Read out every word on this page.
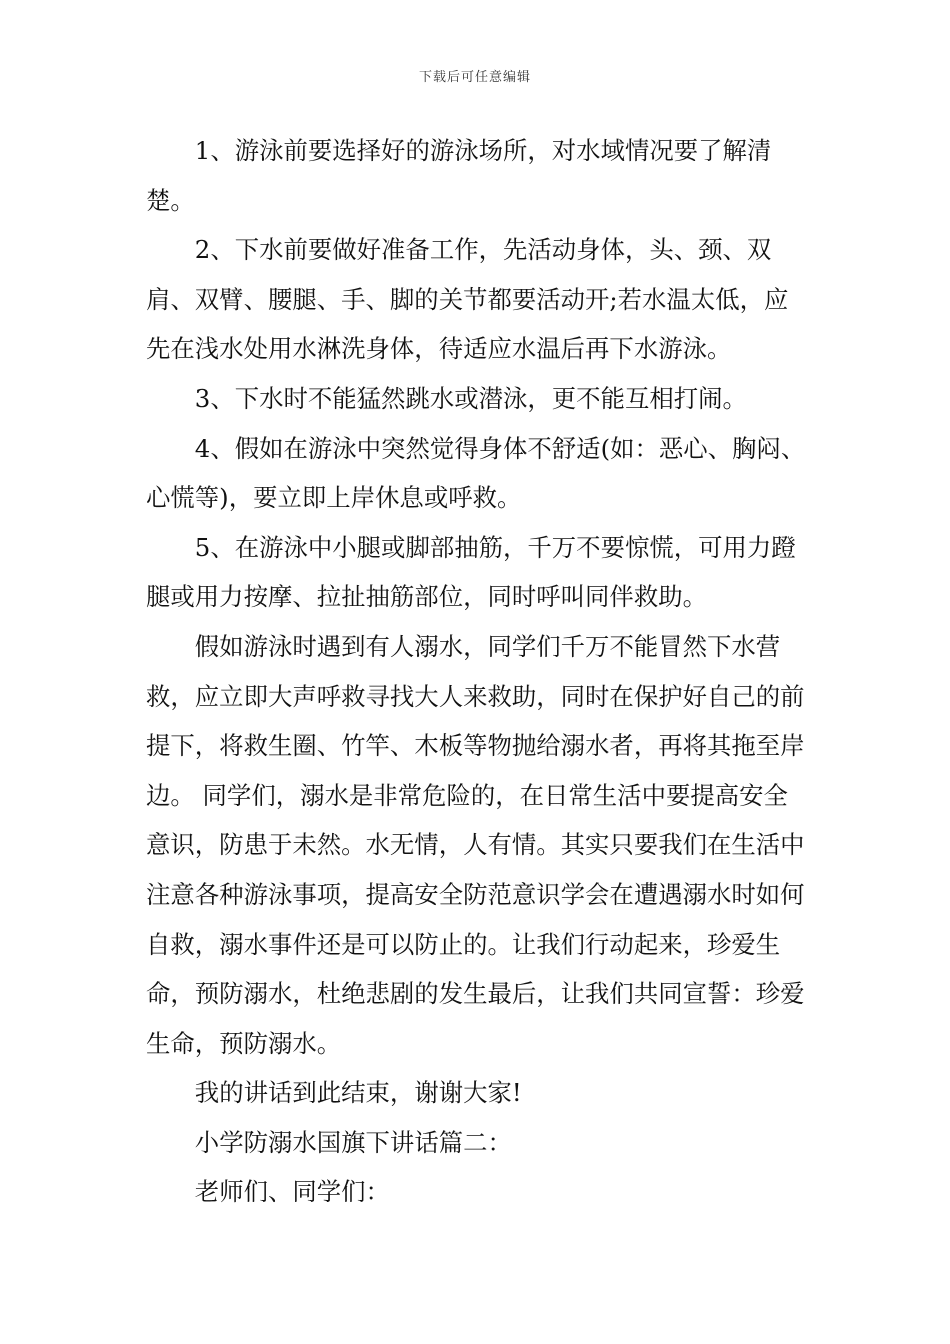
下载后可任意编辑

1、游泳前要选择好的游泳场所，对水域情况要了解清楚。

2、下水前要做好准备工作，先活动身体，头、颈、双肩、双臂、腰腿、手、脚的关节都要活动开;若水温太低，应先在浅水处用水淋洗身体，待适应水温后再下水游泳。

3、下水时不能猛然跳水或潜泳，更不能互相打闹。

4、假如在游泳中突然觉得身体不舒适(如：恶心、胸闷、心慌等)，要立即上岸休息或呼救。

5、在游泳中小腿或脚部抽筋，千万不要惊慌，可用力蹬腿或用力按摩、拉扯抽筋部位，同时呼叫同伴救助。

假如游泳时遇到有人溺水，同学们千万不能冒然下水营救，应立即大声呼救寻找大人来救助，同时在保护好自己的前提下，将救生圈、竹竿、木板等物抛给溺水者，再将其拖至岸边。 同学们，溺水是非常危险的，在日常生活中要提高安全意识，防患于未然。水无情，人有情。其实只要我们在生活中注意各种游泳事项，提高安全防范意识学会在遭遇溺水时如何自救，溺水事件还是可以防止的。让我们行动起来，珍爱生命，预防溺水，杜绝悲剧的发生最后，让我们共同宣誓：珍爱生命，预防溺水。

我的讲话到此结束，谢谢大家!

小学防溺水国旗下讲话篇二：

老师们、同学们：
